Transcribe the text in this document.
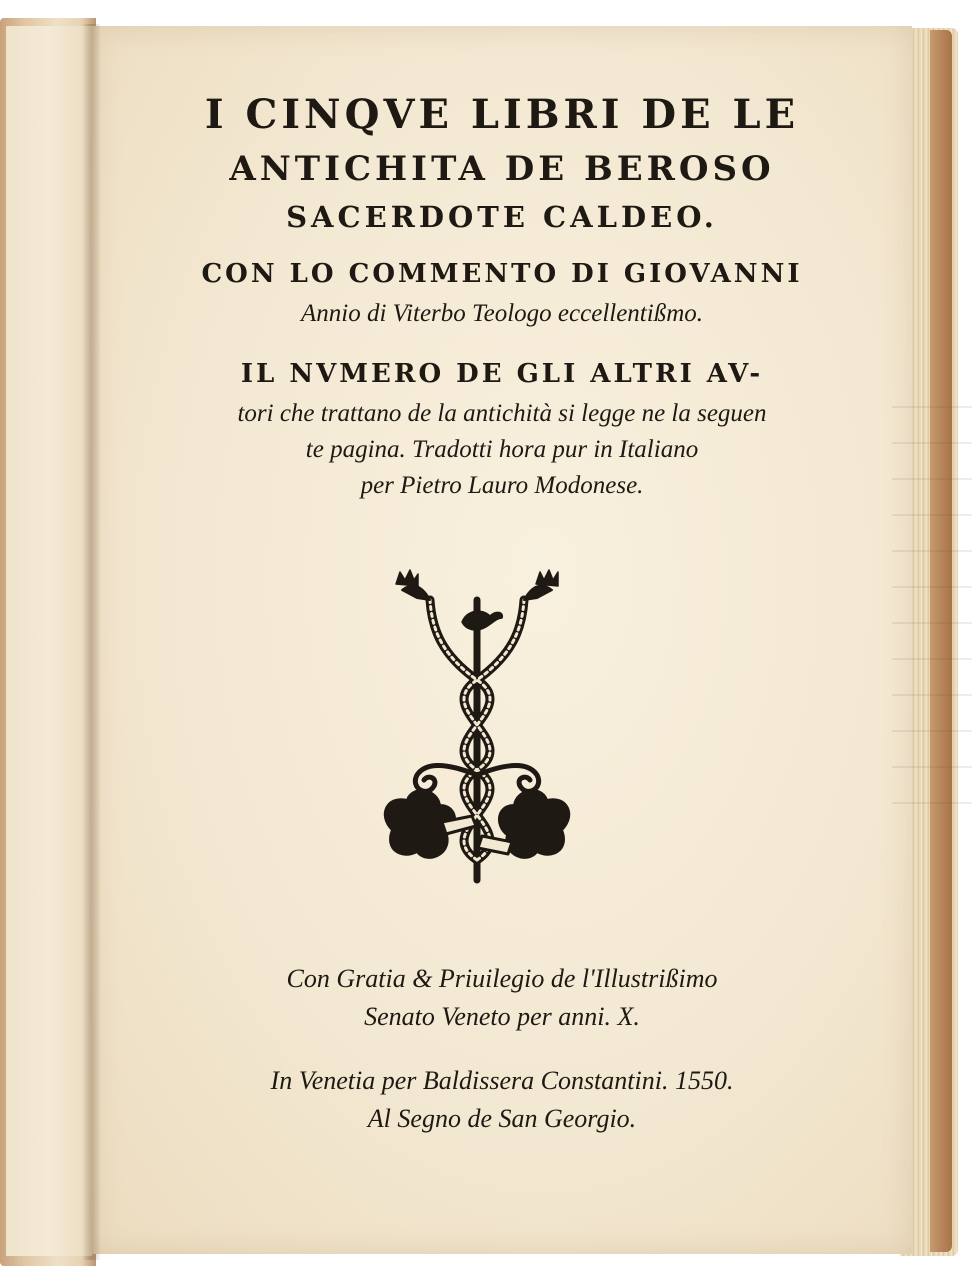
I CINQVE LIBRI DE LE

ANTICHITA DE BEROSO

SACERDOTE CALDEO.

CON LO COMMENTO DI GIOVANNI

Annio di Viterbo Teologo eccellentißmo.

IL NVMERO DE GLI ALTRI AV-

tori che trattano de la antichità si legge ne la seguen

te pagina. Tradotti hora pur in Italiano

per Pietro Lauro Modonese.

Con Gratia & Priuilegio de l'Illustrißimo

Senato Veneto per anni. X.

In Venetia per Baldissera Constantini. 1550.

Al Segno de San Georgio.
